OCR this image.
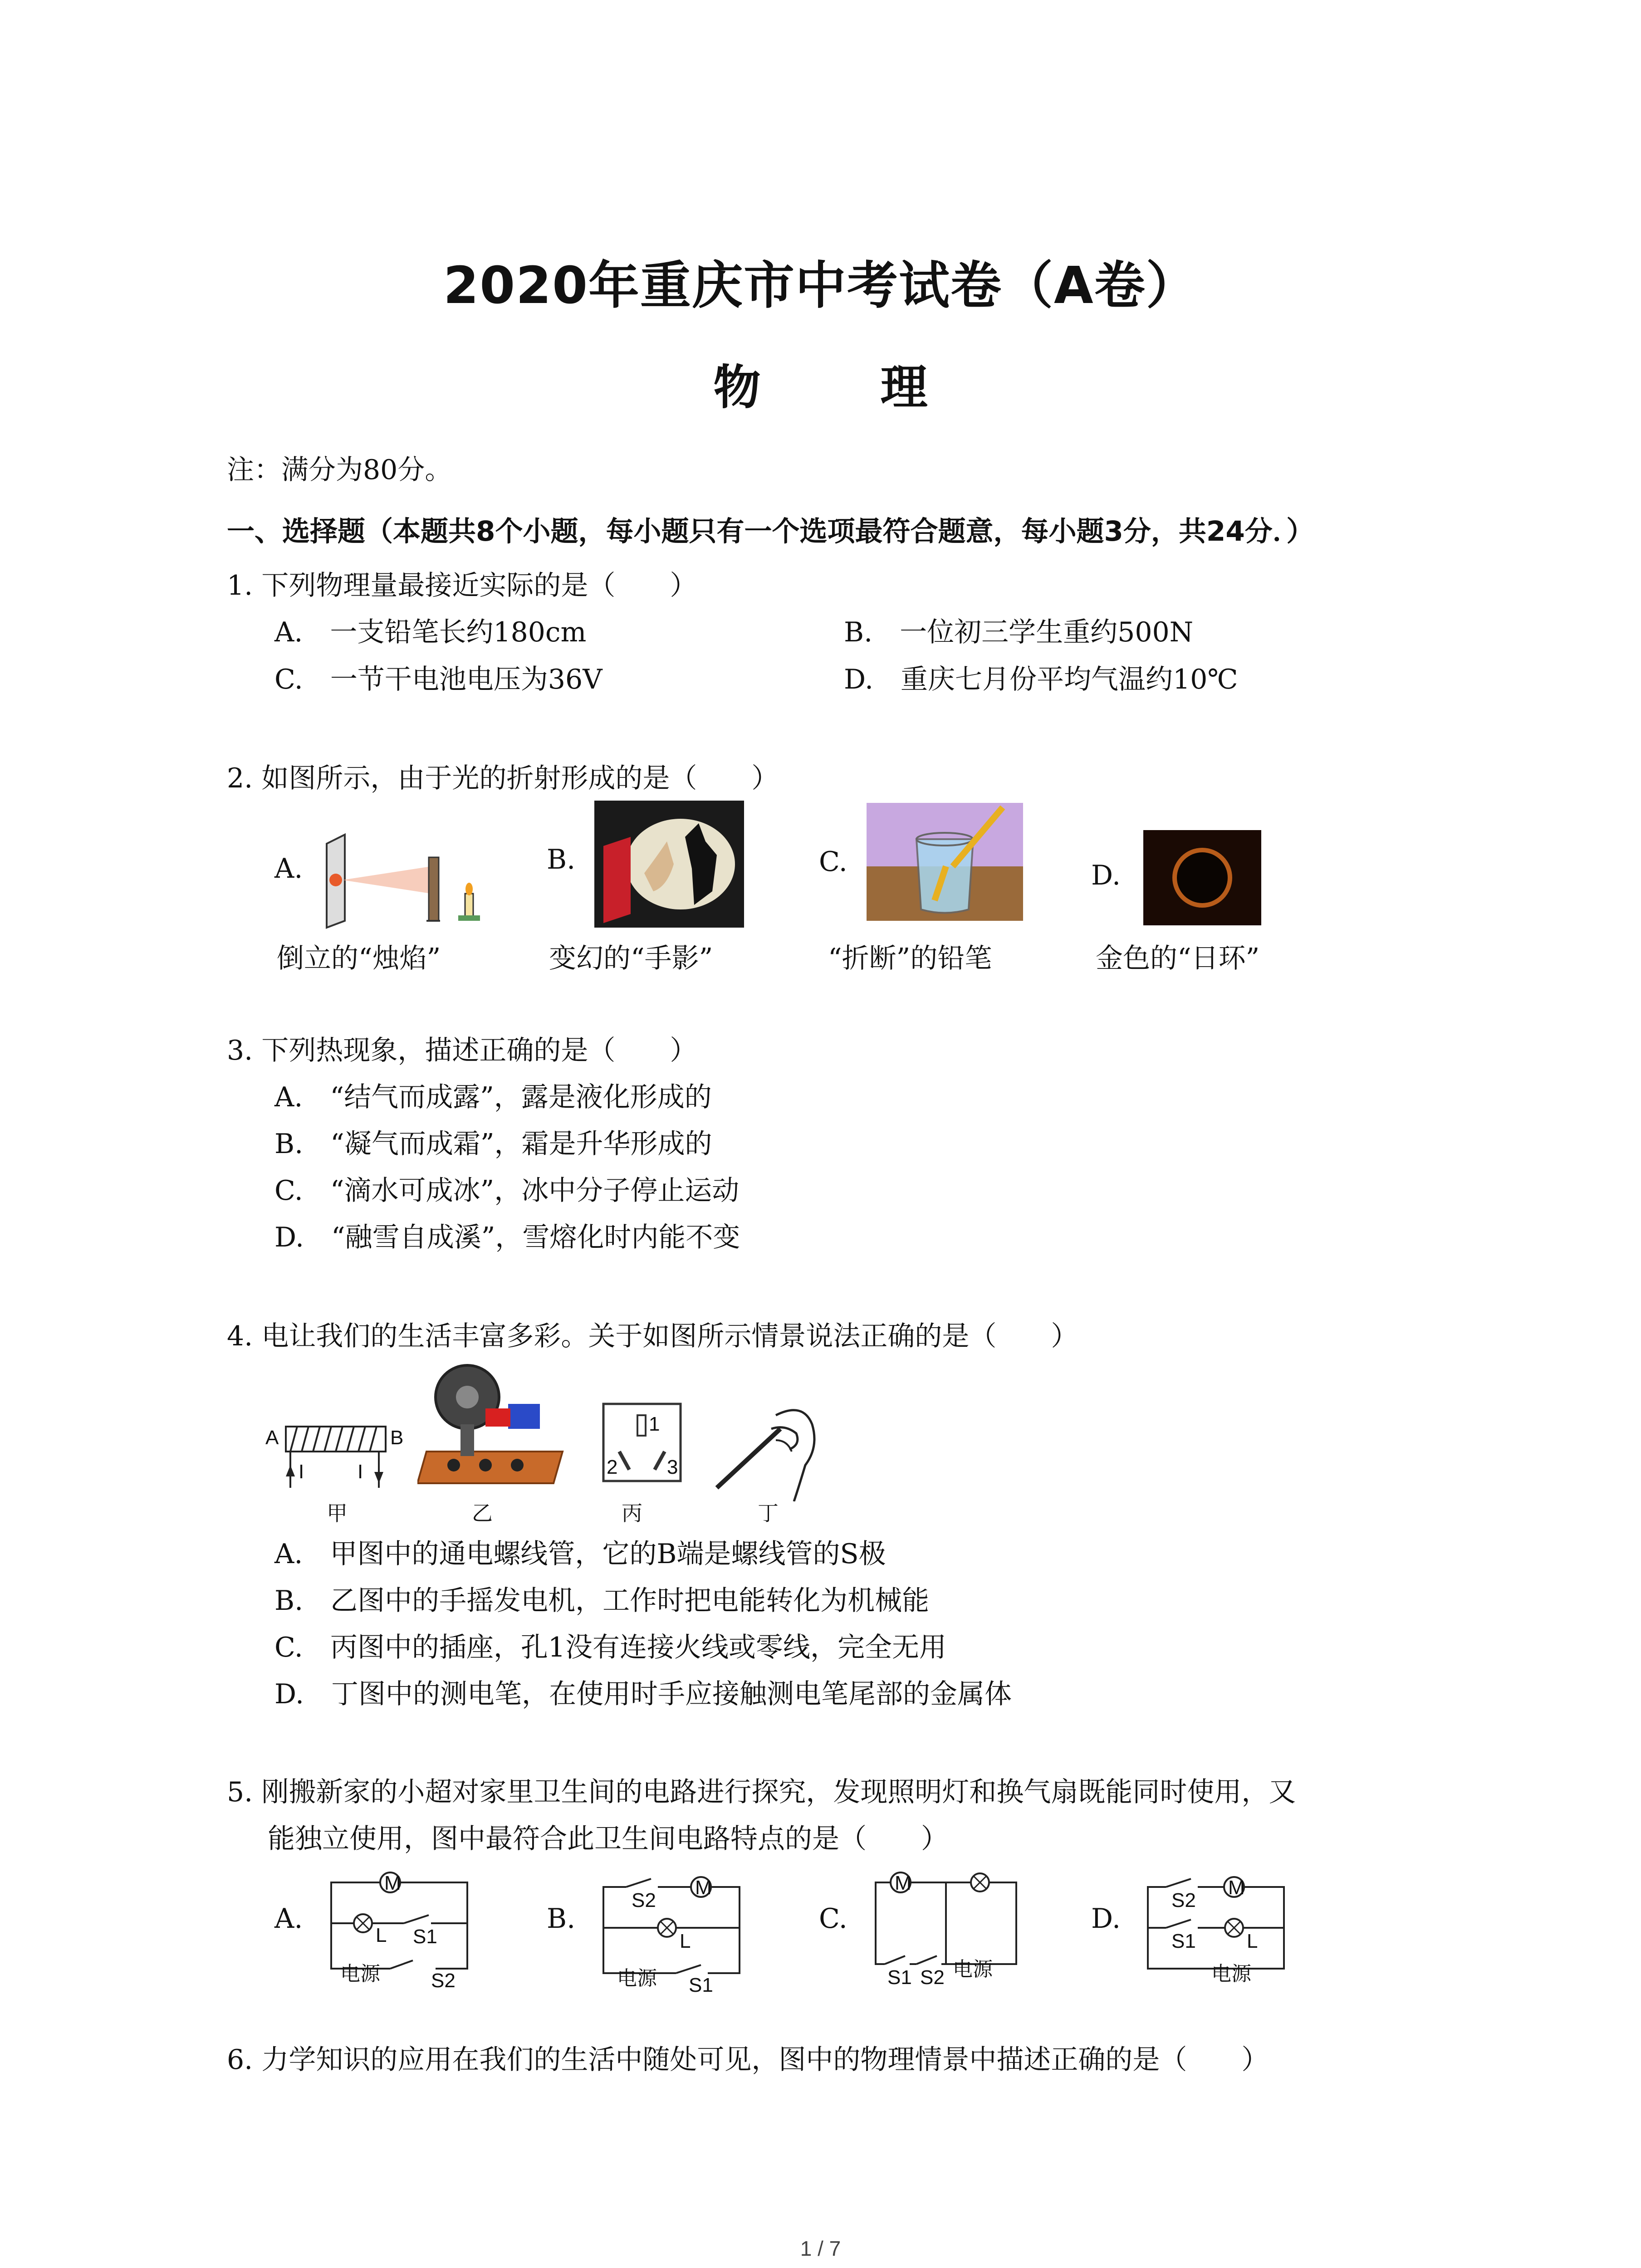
2020年重庆市中考试卷（A卷）
物　理
注：满分为80分。
一、选择题（本题共8个小题，每小题只有一个选项最符合题意，每小题3分，共24分．）
1. 下列物理量最接近实际的是（　　）
A.　一支铅笔长约180cm	B.　一位初三学生重约500N
C.　一节干电池电压为36V	D.　重庆七月份平均气温约10℃
2. 如图所示，由于光的折射形成的是（　　）
A.	B.	C.	D.
倒立的“烛焰”	变幻的“手影”	“折断”的铅笔	金色的“日环”
3. 下列热现象，描述正确的是（　　）
A.　“结气而成露”，露是液化形成的
B.　“凝气而成霜”，霜是升华形成的
C.　“滴水可成冰”，冰中分子停止运动
D.　“融雪自成溪”，雪熔化时内能不变
4. 电让我们的生活丰富多彩。关于如图所示情景说法正确的是（　　）
A	B
I	I
1
2 3
甲	乙	丙	丁
A.　甲图中的通电螺线管，它的B端是螺线管的S极
B.　乙图中的手摇发电机，工作时把电能转化为机械能
C.　丙图中的插座，孔1没有连接火线或零线，完全无用
D.　丁图中的测电笔，在使用时手应接触测电笔尾部的金属体
5. 刚搬新家的小超对家里卫生间的电路进行探究，发现照明灯和换气扇既能同时使用，又
能独立使用，图中最符合此卫生间电路特点的是（　　）
A.	B.	C.	D.
M
L S1
电源	S2
S2
M
L
电源 S1
M
电源
S1 S2
S2
M
S1	L
电源
6. 力学知识的应用在我们的生活中随处可见，图中的物理情景中描述正确的是（　　）
1 / 7
